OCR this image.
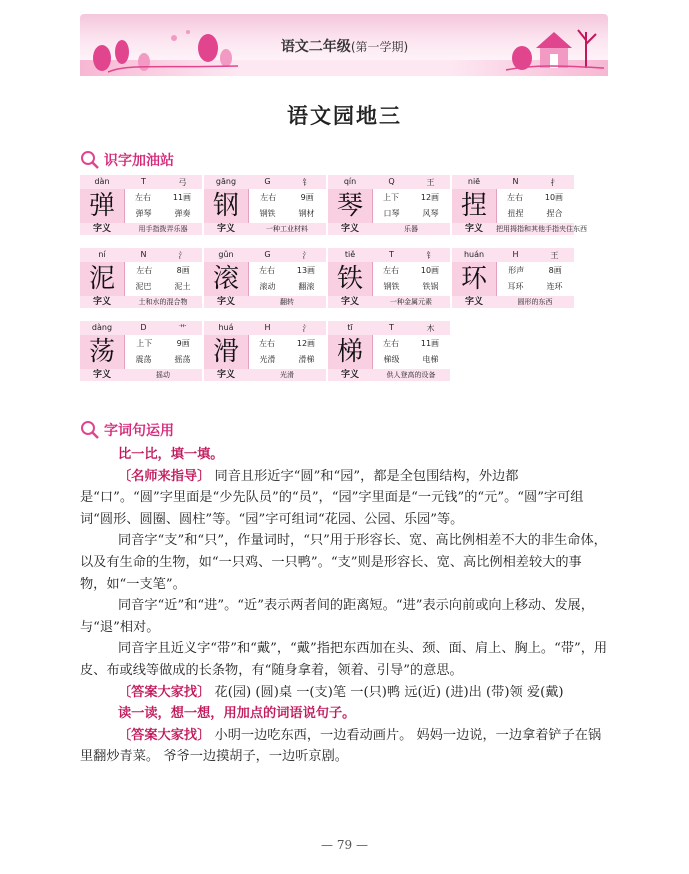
语文二年级(第一学期)
语文园地三
识字加油站
dàn	T	弓
弹	左右	11画
弹琴	弹奏
字义	用手指拨弄乐器
gāng	G	钅
钢	左右	9画
钢铁	钢材
字义	一种工业材料
qín	Q	王
琴	上下	12画
口琴	风琴
字义	乐器
niē	N	扌
捏	左右	10画
扭捏	捏合
字义	把用拇指和其他手指夹住东西
ní	N	氵
泥	左右	8画
泥巴	泥土
字义	土和水的混合物
gǔn	G	氵
滚	左右	13画
滚动	翻滚
字义	翻转
tiě	T	钅
铁	左右	10画
钢铁	铁锅
字义	一种金属元素
huán	H	王
环	形声	8画
耳环	连环
字义	圆形的东西
dàng	D	艹
荡	上下	9画
震荡	摇荡
字义	摇动
huá	H	氵
滑	左右	12画
光滑	滑梯
字义	光滑
tī	T	木
梯	左右	11画
梯级	电梯
字义	供人登高的设备
字词句运用

比一比，填一填。

〔名师来指导〕 同音且形近字“圆”和“园”，都是全包围结构，外边都是“口”。“圆”字里面是“少先队员”的“员”，“园”字里面是“一元钱”的“元”。“圆”字可组词“圆形、圆圈、圆柱”等。“园”字可组词“花园、公园、乐园”等。

同音字“支”和“只”，作量词时，“只”用于形容长、宽、高比例相差不大的非生命体，以及有生命的生物，如“一只鸡、一只鸭”。“支”则是形容长、宽、高比例相差较大的事物，如“一支笔”。

同音字“近”和“进”。“近”表示两者间的距离短。“进”表示向前或向上移动、发展，与“退”相对。

同音字且近义字“带”和“戴”，“戴”指把东西加在头、颈、面、肩上、胸上。“带”，用皮、布或线等做成的长条物，有“随身拿着，领着、引导”的意思。

〔答案大家找〕 花(园) (圆)桌 一(支)笔 一(只)鸭 远(近) (进)出 (带)领 爱(戴)

读一读，想一想，用加点的词语说句子。

〔答案大家找〕 小明一边吃东西，一边看动画片。 妈妈一边说，一边拿着铲子在锅里翻炒青菜。 爷爷一边摸胡子，一边听京剧。

— 79 —
